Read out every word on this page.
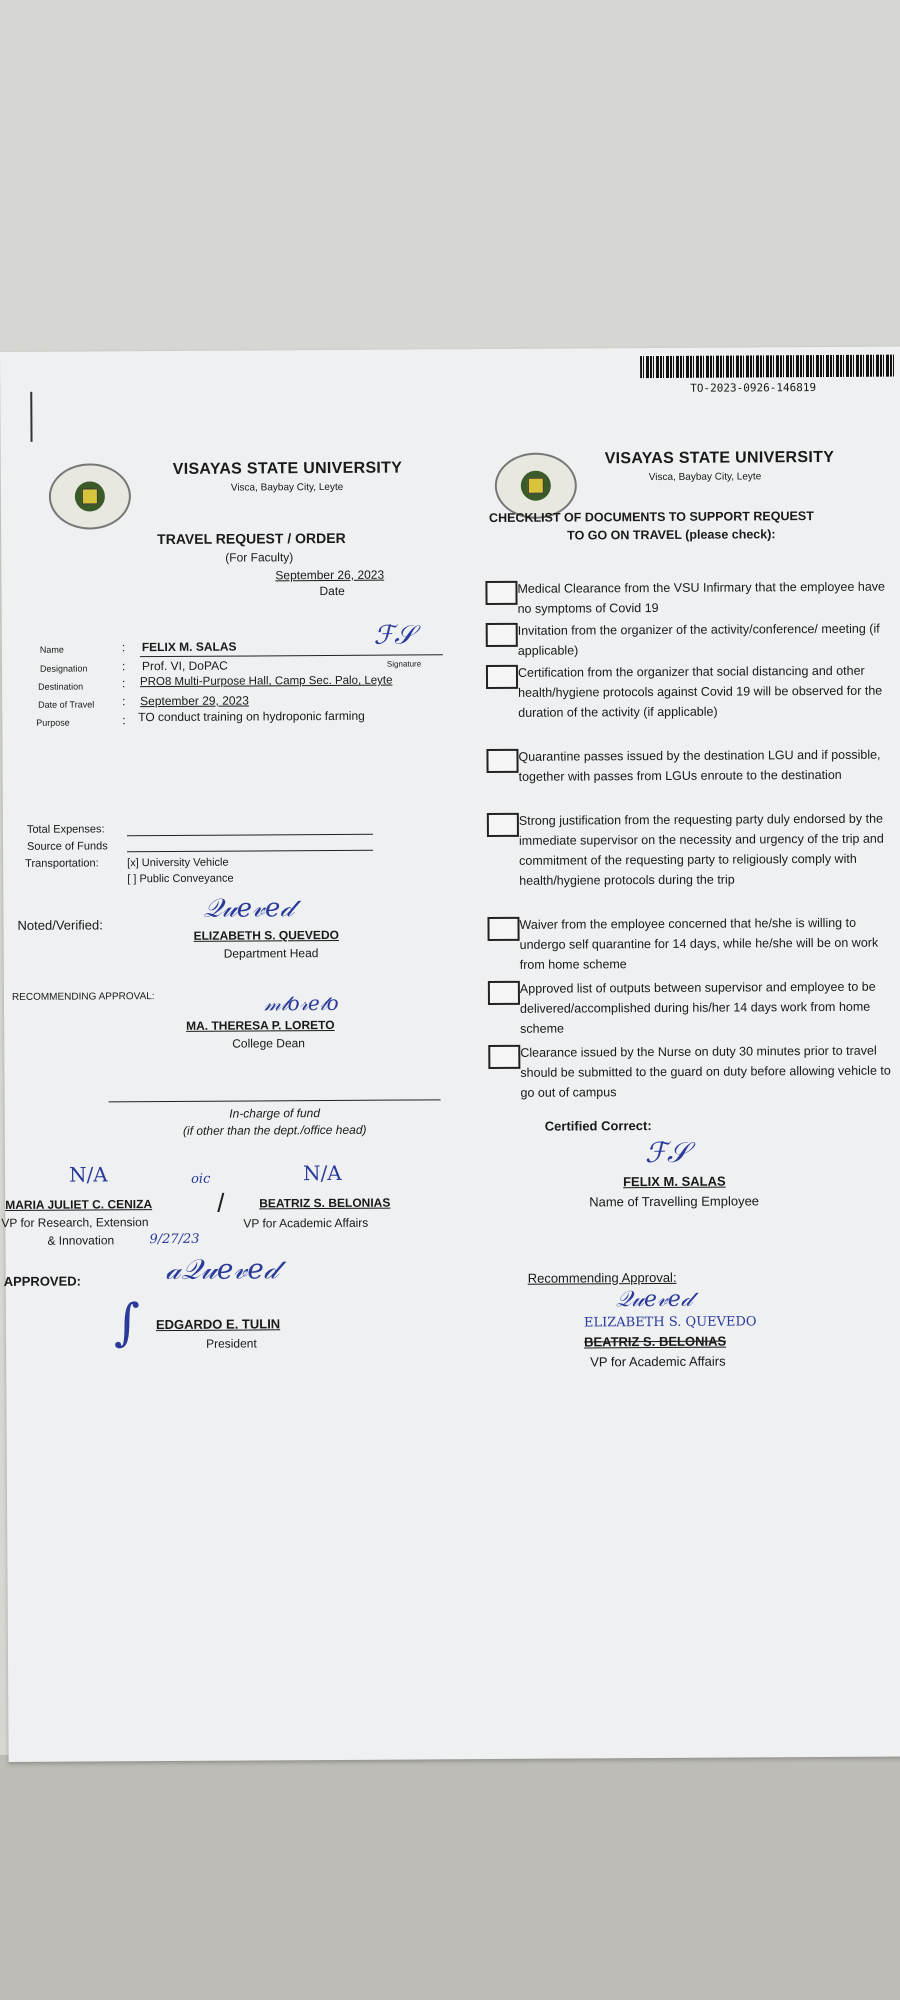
TO-2023-0926-146819
VISAYAS STATE UNIVERSITY
Visca, Baybay City, Leyte
TRAVEL REQUEST / ORDER
(For Faculty)
September 26, 2023
Date
Name :	FELIX M. SALAS	ℱ𝒮
Signature
Designation :	Prof. VI, DoPAC
Destination :	PRO8 Multi-Purpose Hall, Camp Sec. Palo, Leyte
Date of Travel :	September 29, 2023
Purpose :	TO conduct training on hydroponic farming
Total Expenses:
Source of Funds
Transportation:	[x] University Vehicle
[ ] Public Conveyance
Noted/Verified:
𝒬𝓊𝑒𝓋𝑒𝒹
ELIZABETH S. QUEVEDO
Department Head
RECOMMENDING APPROVAL:	𝓂𝓁𝑜𝓇𝑒𝓉𝑜
MA. THERESA P. LORETO
College Dean
In-charge of fund
(if other than the dept./office head)
N/A	oic	N/A
MARIA JULIET C. CENIZA /	BEATRIZ S. BELONIAS
VP for Research, Extension	VP for Academic Affairs
& Innovation	9/27/23
APPROVED:	𝒶𝒬𝓊𝑒𝓋𝑒𝒹
∫ EDGARDO E. TULIN
President
VISAYAS STATE UNIVERSITY
Visca, Baybay City, Leyte
CHECKLIST OF DOCUMENTS TO SUPPORT REQUEST
TO GO ON TRAVEL (please check):
Medical Clearance from the VSU Infirmary that the employee have no symptoms of Covid 19
Invitation from the organizer of the activity/conference/ meeting (if applicable)
Certification from the organizer that social distancing and other health/hygiene protocols against Covid 19 will be observed for the duration of the activity (if applicable)
Quarantine passes issued by the destination LGU and if possible, together with passes from LGUs enroute to the destination
Strong justification from the requesting party duly endorsed by the immediate supervisor on the necessity and urgency of the trip and commitment of the requesting party to religiously comply with health/hygiene protocols during the trip
Waiver from the employee concerned that he/she is willing to undergo self quarantine for 14 days, while he/she will be on work from home scheme
Approved list of outputs between supervisor and employee to be delivered/accomplished during his/her 14 days work from home scheme
Clearance issued by the Nurse on duty 30 minutes prior to travel should be submitted to the guard on duty before allowing vehicle to go out of campus
Certified Correct:
ℱ𝒮
FELIX M. SALAS
Name of Travelling Employee
Recommending Approval:
𝒬𝓊𝑒𝓋𝑒𝒹
ELIZABETH S. QUEVEDO
BEATRIZ S. BELONIAS
VP for Academic Affairs
